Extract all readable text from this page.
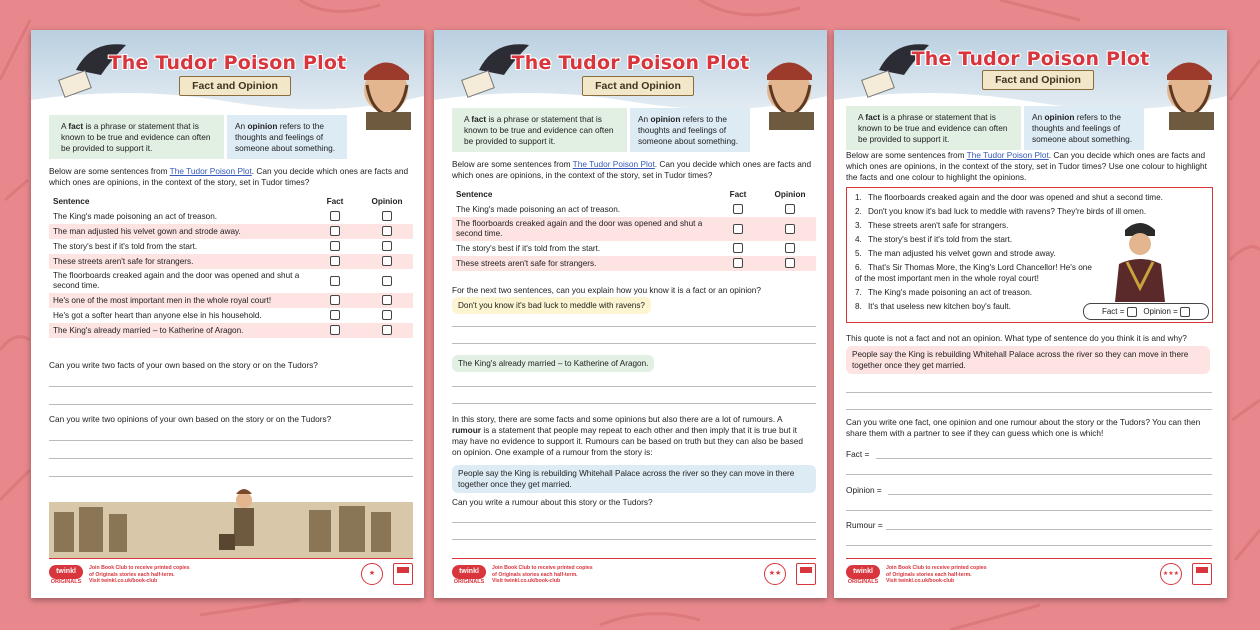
The Tudor Poison Plot
Fact and Opinion
A fact is a phrase or statement that is known to be true and evidence can often be provided to support it.
An opinion refers to the thoughts and feelings of someone about something.
Below are some sentences from The Tudor Poison Plot. Can you decide which ones are facts and which ones are opinions, in the context of the story, set in Tudor times?
Sentence	Fact	Opinion
The King's made poisoning an act of treason.		
The man adjusted his velvet gown and strode away.		
The story's best if it's told from the start.		
These streets aren't safe for strangers.		
The floorboards creaked again and the door was opened and shut a second time.		
He's one of the most important men in the whole royal court!		
He's got a softer heart than anyone else in his household.		
The King's already married – to Katherine of Aragon.		
Can you write two facts of your own based on the story or on the Tudors?
Can you write two opinions of your own based on the story or on the Tudors?
twinkl
ORIGINALS
Join Book Club to receive printed copies
of Originals stories each half-term.
Visit twinkl.co.uk/book-club
★
The Tudor Poison Plot
Fact and Opinion
A fact is a phrase or statement that is known to be true and evidence can often be provided to support it.
An opinion refers to the thoughts and feelings of someone about something.
Below are some sentences from The Tudor Poison Plot. Can you decide which ones are facts and which ones are opinions, in the context of the story, set in Tudor times?
Sentence	Fact	Opinion
The King's made poisoning an act of treason.		
The floorboards creaked again and the door was opened and shut a second time.		
The story's best if it's told from the start.		
These streets aren't safe for strangers.		
For the next two sentences, can you explain how you know it is a fact or an opinion?
Don't you know it's bad luck to meddle with ravens?
The King's already married – to Katherine of Aragon.
In this story, there are some facts and some opinions but also there are a lot of rumours. A rumour is a statement that people may repeat to each other and then imply that it is true but it may have no evidence to support it. Rumours can be based on truth but they can also be based on opinion. One example of a rumour from the story is:
People say the King is rebuilding Whitehall Palace across the river so they can move in there together once they get married.
Can you write a rumour about this story or the Tudors?
twinkl
ORIGINALS
Join Book Club to receive printed copies
of Originals stories each half-term.
Visit twinkl.co.uk/book-club
★★
The Tudor Poison Plot
Fact and Opinion
A fact is a phrase or statement that is known to be true and evidence can often be provided to support it.
An opinion refers to the thoughts and feelings of someone about something.
Below are some sentences from The Tudor Poison Plot. Can you decide which ones are facts and which ones are opinions, in the context of the story, set in Tudor times? Use one colour to highlight the facts and one colour to highlight the opinions.
1. The floorboards creaked again and the door was opened and shut a second time.
2. Don't you know it's bad luck to meddle with ravens? They're birds of ill omen.
3. These streets aren't safe for strangers.
4. The story's best if it's told from the start.
5. The man adjusted his velvet gown and strode away.
6. That's Sir Thomas More, the King's Lord Chancellor! He's one of the most important men in the whole royal court!
7. The King's made poisoning an act of treason.
8. It's that useless new kitchen boy's fault.
Fact = Opinion =
This quote is not a fact and not an opinion. What type of sentence do you think it is and why?
People say the King is rebuilding Whitehall Palace across the river so they can move in there together once they get married.
Can you write one fact, one opinion and one rumour about the story or the Tudors? You can then share them with a partner to see if they can guess which one is which!
Fact =
Opinion =
Rumour =
twinkl
ORIGINALS
Join Book Club to receive printed copies
of Originals stories each half-term.
Visit twinkl.co.uk/book-club
★★★
